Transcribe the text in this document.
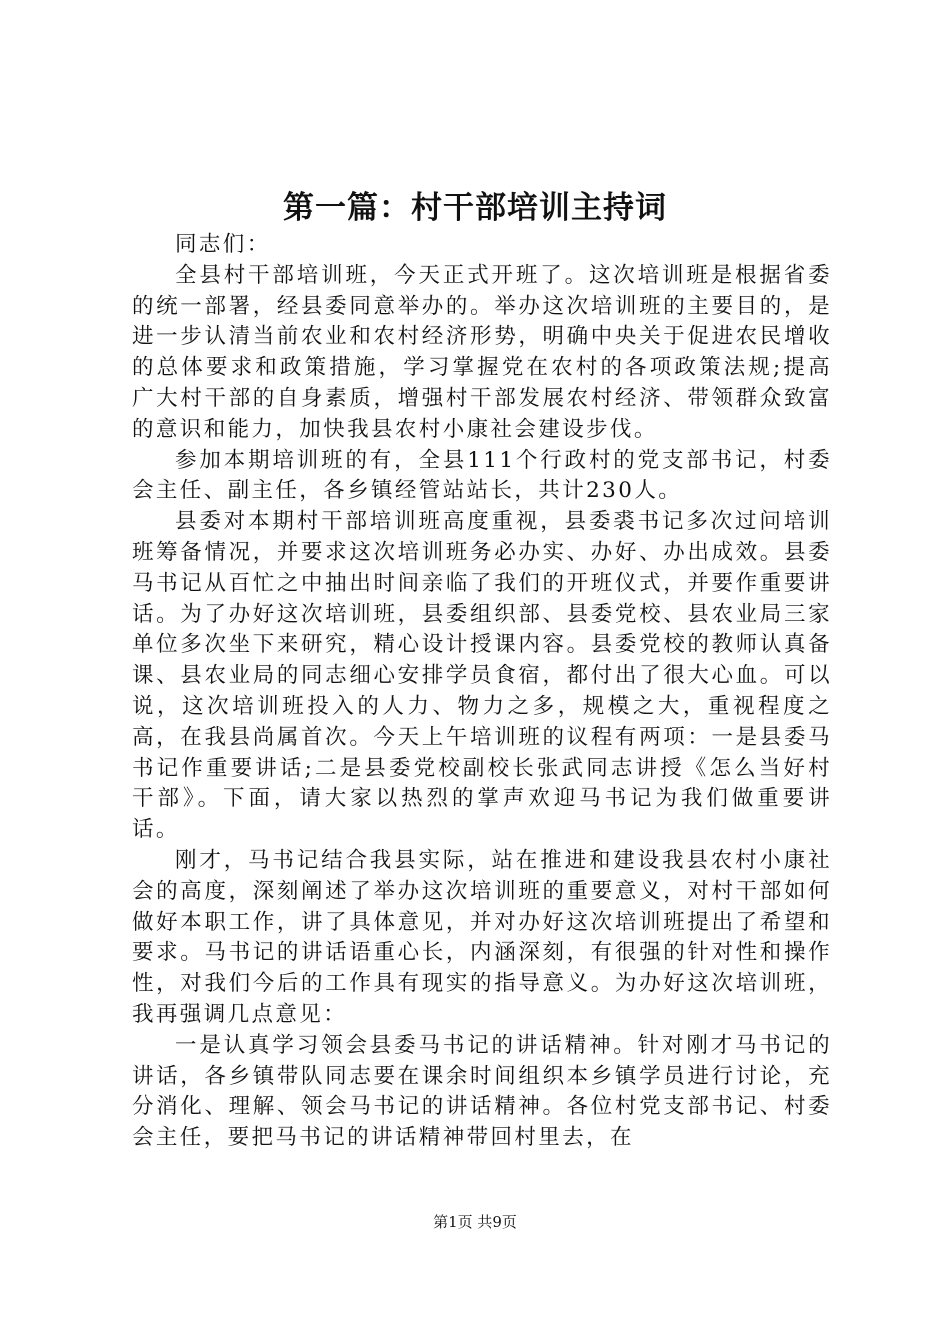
第一篇：村干部培训主持词

同志们：

全县村干部培训班，今天正式开班了。这次培训班是根据省委的统一部署，经县委同意举办的。举办这次培训班的主要目的，是进一步认清当前农业和农村经济形势，明确中央关于促进农民增收的总体要求和政策措施，学习掌握党在农村的各项政策法规;提高广大村干部的自身素质，增强村干部发展农村经济、带领群众致富的意识和能力，加快我县农村小康社会建设步伐。

参加本期培训班的有，全县111个行政村的党支部书记，村委会主任、副主任，各乡镇经管站站长，共计230人。

县委对本期村干部培训班高度重视，县委裘书记多次过问培训班筹备情况，并要求这次培训班务必办实、办好、办出成效。县委马书记从百忙之中抽出时间亲临了我们的开班仪式，并要作重要讲话。为了办好这次培训班，县委组织部、县委党校、县农业局三家单位多次坐下来研究，精心设计授课内容。县委党校的教师认真备课、县农业局的同志细心安排学员食宿，都付出了很大心血。可以说，这次培训班投入的人力、物力之多，规模之大，重视程度之高，在我县尚属首次。今天上午培训班的议程有两项：一是县委马书记作重要讲话;二是县委党校副校长张武同志讲授《怎么当好村干部》。下面，请大家以热烈的掌声欢迎马书记为我们做重要讲话。

刚才，马书记结合我县实际，站在推进和建设我县农村小康社会的高度，深刻阐述了举办这次培训班的重要意义，对村干部如何做好本职工作，讲了具体意见，并对办好这次培训班提出了希望和要求。马书记的讲话语重心长，内涵深刻，有很强的针对性和操作性，对我们今后的工作具有现实的指导意义。为办好这次培训班，我再强调几点意见：

一是认真学习领会县委马书记的讲话精神。针对刚才马书记的讲话，各乡镇带队同志要在课余时间组织本乡镇学员进行讨论，充分消化、理解、领会马书记的讲话精神。各位村党支部书记、村委会主任，要把马书记的讲话精神带回村里去，在

第1页 共9页
